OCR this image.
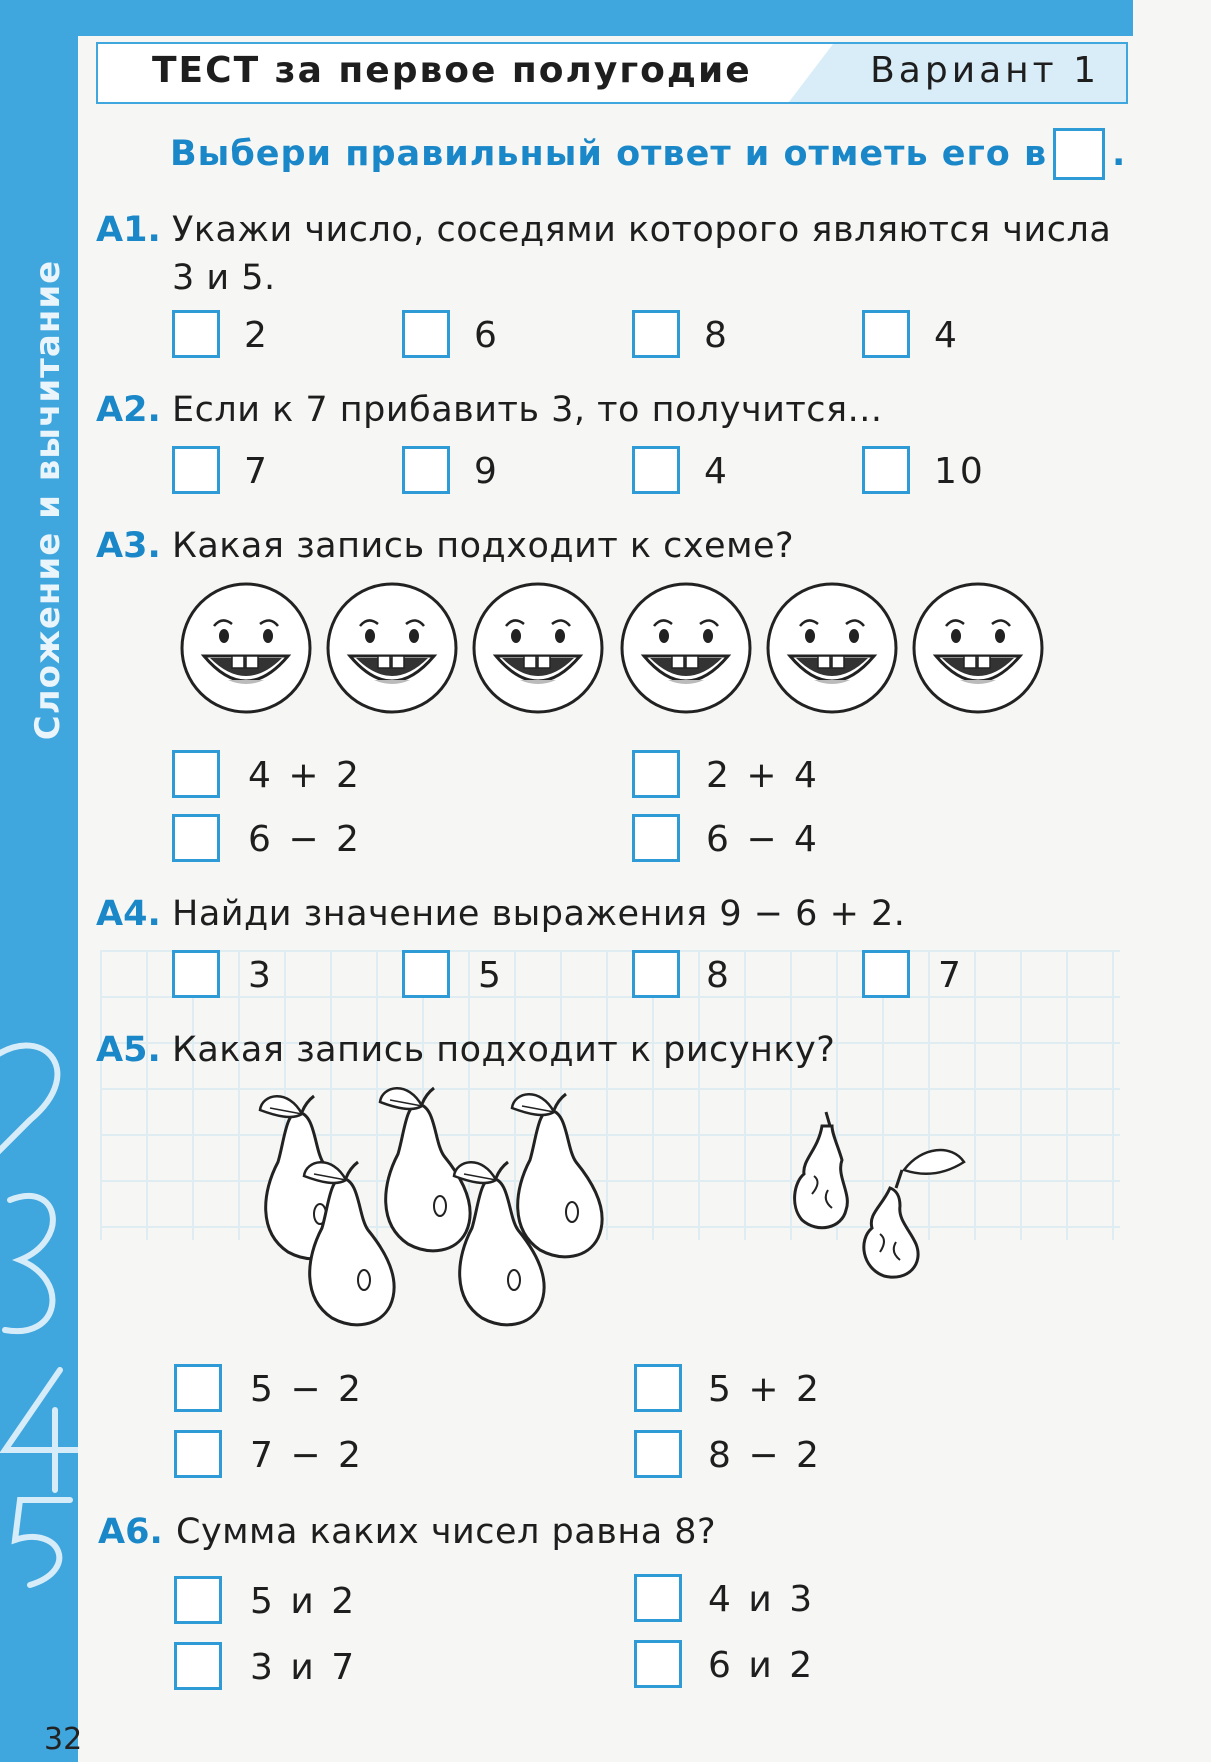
Сложение и вычитание
32
ТЕСТ за первое полугодие	Вариант 1
Выбери правильный ответ и отметь его в .
A1. Укажи число, соседями которого являются числа
3 и 5.
2	6	8	4
A2. Если к 7 прибавить 3, то получится...
7	9	4	10
A3. Какая запись подходит к схеме?
4 + 2	2 + 4
6 − 2	6 − 4
A4. Найди значение выражения 9 − 6 + 2.
3	5	8	7
A5. Какая запись подходит к рисунку?
5 − 2	5 + 2
7 − 2	8 − 2
A6. Сумма каких чисел равна 8?
5 и 2	4 и 3
3 и 7	6 и 2
